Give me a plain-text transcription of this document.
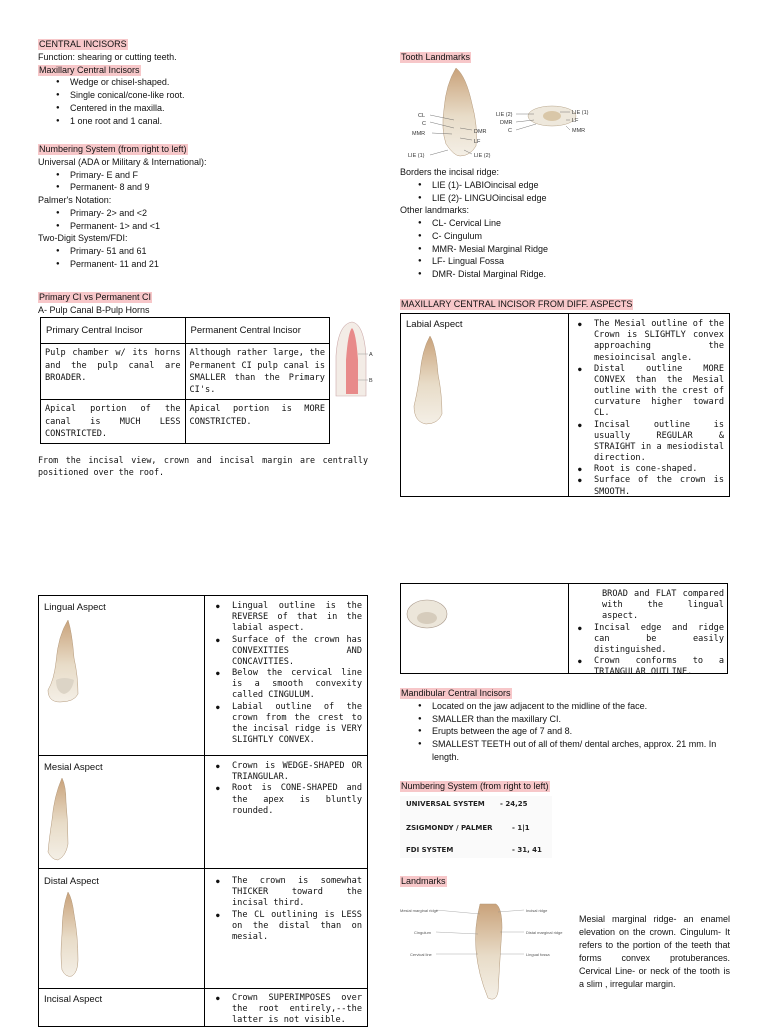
CENTRAL INCISORS
Function: shearing or cutting teeth.
Maxillary Central Incisors
● Wedge or chisel-shaped.
● Single conical/cone-like root.
● Centered in the maxilla.
● 1 one root and 1 canal.
Numbering System (from right to left)
Universal (ADA or Military & International):
● Primary- E and F
● Permanent- 8 and 9
Palmer's Notation:
● Primary- 2> and <2
● Permanent- 1> and <1
Two-Digit System/FDI:
● Primary- 51 and 61
● Permanent- 11 and 21
Primary CI vs Permanent CI
A- Pulp Canal B-Pulp Horns
Primary Central Incisor	Permanent Central Incisor
Pulp chamber w/ its horns and the pulp canal are BROADER.	Although rather large, the Permanent CI pulp canal is SMALLER than the Primary CI's.
Apical portion of the canal is MUCH LESS CONSTRICTED.	Apical portion is MORE CONSTRICTED.
A
B
From the incisal view, crown and incisal margin are centrally positioned over the roof.
Tooth Landmarks
CL
C
MMR	DMR
LF
LIE (1)	LIE (2)
LIE (2)
DMR
C
LIE (1)
LF
MMR
Borders the incisal ridge:
● LIE (1)- LABIOincisal edge
● LIE (2)- LINGUOincisal edge
Other landmarks:
● CL- Cervical Line
● C- Cingulum
● MMR- Mesial Marginal Ridge
● LF- Lingual Fossa
● DMR- Distal Marginal Ridge.
MAXILLARY CENTRAL INCISOR FROM DIFF. ASPECTS
Labial Aspect	● The Mesial outline of the Crown is SLIGHTLY convex approaching the mesioincisal angle.
● Distal outline MORE CONVEX than the Mesial outline with the crest of curvature higher toward CL.
● Incisal outline is usually REGULAR & STRAIGHT in a mesiodistal direction.
● Root is cone-shaped.
● Surface of the crown is SMOOTH.
Lingual Aspect	● Lingual outline is the REVERSE of that in the labial aspect.
● Surface of the crown has CONVEXITIES AND CONCAVITIES.
● Below the cervical line is a smooth convexity called CINGULUM.
● Labial outline of the crown from the crest to the incisal ridge is VERY SLIGHTLY CONVEX.
Mesial Aspect	● Crown is WEDGE-SHAPED OR TRIANGULAR.
● Root is CONE-SHAPED and the apex is bluntly rounded.
Distal Aspect	● The crown is somewhat THICKER toward the incisal third.
● The CL outlining is LESS on the distal than on mesial.
Incisal Aspect	● Crown SUPERIMPOSES over the root entirely,--the latter is not visible.
BROAD and FLAT compared with the lingual aspect.
● Incisal edge and ridge can be easily distinguished.
● Crown conforms to a TRIANGULAR OUTLINE.
Mandibular Central Incisors
● Located on the jaw adjacent to the midline of the face.
● SMALLER than the maxillary CI.
● Erupts between the age of 7 and 8.
● SMALLEST TEETH out of all of them/ dental arches, approx. 21 mm. In length.
Numbering System (from right to left)
UNIVERSAL SYSTEM - 24,25
ZSIGMONDY / PALMER	- 1|1
FDI SYSTEM	- 31, 41
Landmarks
Mesial marginal ridge	Incisal ridge
Cingulum	Distal marginal ridge
Cervical line	Lingual fossa
Mesial marginal ridge- an enamel elevation on the crown. Cingulum- It refers to the portion of the teeth that forms convex protuberances. Cervical Line- or neck of the tooth is a slim , irregular margin.
